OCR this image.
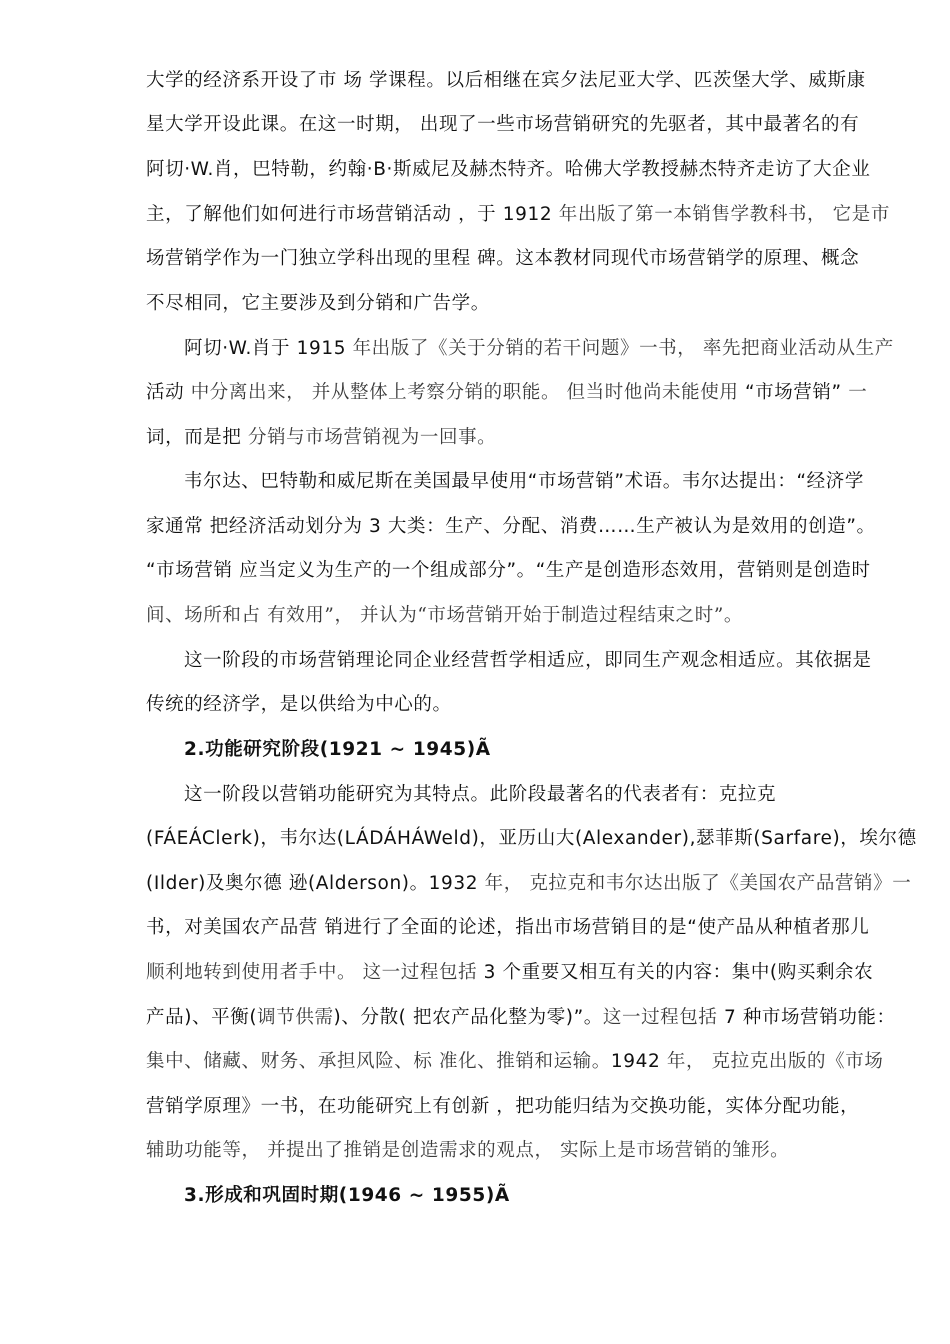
大学的经济系开设了市 场 学课程。以后相继在宾夕法尼亚大学、匹茨堡大学、威斯康
星大学开设此课。在这一时期， 出现了一些市场营销研究的先驱者，其中最著名的有
阿切·W.肖，巴特勒，约翰·B·斯威尼及赫杰特齐。哈佛大学教授赫杰特齐走访了大企业
主，了解他们如何进行市场营销活动 ，于 1912 年出版了第一本销售学教科书， 它是市
场营销学作为一门独立学科出现的里程 碑。这本教材同现代市场营销学的原理、概念
不尽相同，它主要涉及到分销和广告学。
阿切·W.肖于 1915 年出版了《关于分销的若干问题》一书， 率先把商业活动从生产
活动 中分离出来， 并从整体上考察分销的职能。 但当时他尚未能使用 “市场营销” 一
词，而是把 分销与市场营销视为一回事。
韦尔达、巴特勒和威尼斯在美国最早使用“市场营销”术语。韦尔达提出：“经济学
家通常 把经济活动划分为 3 大类：生产、分配、消费……生产被认为是效用的创造”。
“市场营销 应当定义为生产的一个组成部分”。“生产是创造形态效用，营销则是创造时
间、场所和占 有效用”， 并认为“市场营销开始于制造过程结束之时”。
这一阶段的市场营销理论同企业经营哲学相适应，即同生产观念相适应。其依据是
传统的经济学，是以供给为中心的。
2.功能研究阶段(1921 ~ 1945)Ã
这一阶段以营销功能研究为其特点。此阶段最著名的代表者有：克拉克
(FÁEÁClerk)，韦尔达(LÁDÁHÁWeld)，亚历山大(Alexander),瑟菲斯(Sarfare)，埃尔德
(Ilder)及奥尔德 逊(Alderson)。1932 年， 克拉克和韦尔达出版了《美国农产品营销》一
书，对美国农产品营 销进行了全面的论述，指出市场营销目的是“使产品从种植者那儿
顺利地转到使用者手中。 这一过程包括 3 个重要又相互有关的内容：集中(购买剩余农
产品)、平衡(调节供需)、分散( 把农产品化整为零)”。这一过程包括 7 种市场营销功能：
集中、储藏、财务、承担风险、标 准化、推销和运输。1942 年， 克拉克出版的《市场
营销学原理》一书，在功能研究上有创新 ，把功能归结为交换功能，实体分配功能，
辅助功能等， 并提出了推销是创造需求的观点， 实际上是市场营销的雏形。
3.形成和巩固时期(1946 ~ 1955)Ã
